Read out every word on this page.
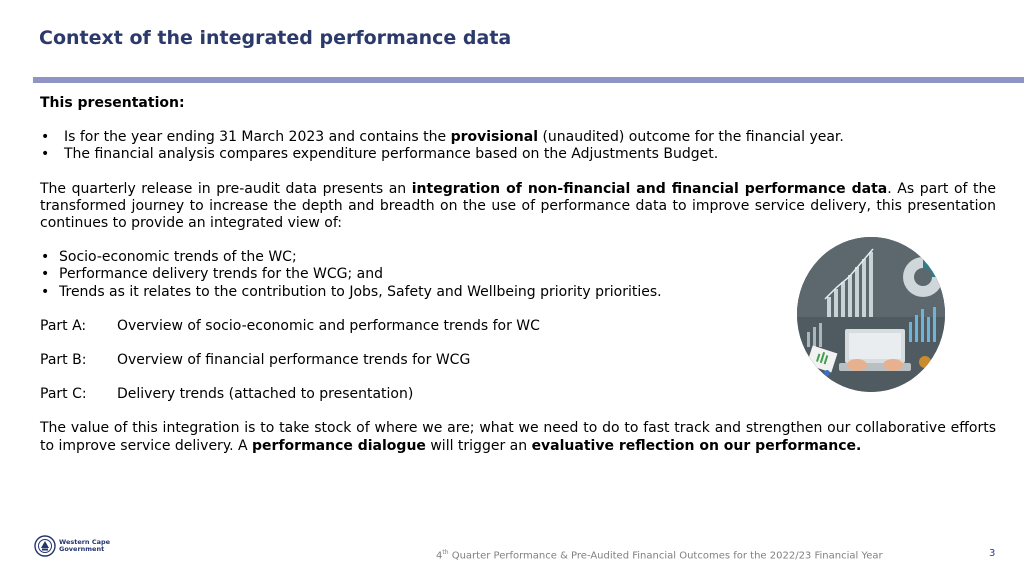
Context of the integrated performance data

This presentation:

• Is for the year ending 31 March 2023 and contains the provisional (unaudited) outcome for the financial year.
• The financial analysis compares expenditure performance based on the Adjustments Budget.

The quarterly release in pre-audit data presents an integration of non-financial and financial performance data. As part of the transformed journey to increase the depth and breadth on the use of performance data to improve service delivery, this presentation continues to provide an integrated view of:

• Socio-economic trends of the WC;
• Performance delivery trends for the WCG; and
• Trends as it relates to the contribution to Jobs, Safety and Wellbeing priority priorities.
Part A:	Overview of socio-economic and performance trends for WC
Part B:	Overview of financial performance trends for WCG
Part C:	Delivery trends (attached to presentation)

The value of this integration is to take stock of where we are; what we need to do to fast track and strengthen our collaborative efforts to improve service delivery. A performance dialogue will trigger an evaluative reflection on our performance.

Western Cape
Government
4th Quarter Performance & Pre-Audited Financial Outcomes for the 2022/23 Financial Year	3
